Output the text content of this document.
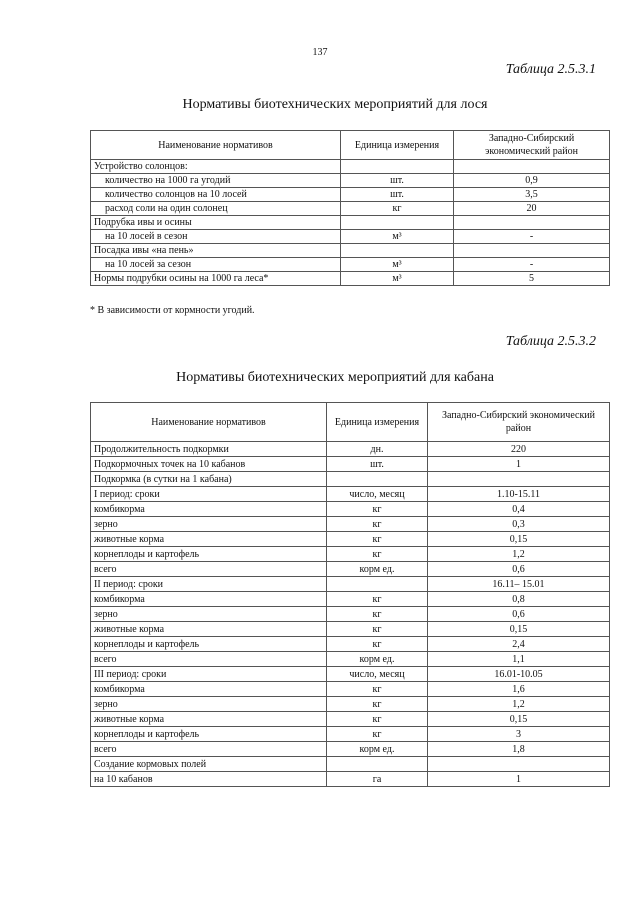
137
Таблица 2.5.3.1
Нормативы биотехнических мероприятий для лося
Наименование нормативов	Единица измерения	Западно-Сибирский экономический район
Устройство солонцов:		
количество на 1000 га угодий	шт.	0,9
количество солонцов на 10 лосей	шт.	3,5
расход соли на один солонец	кг	20
Подрубка ивы и осины		
на 10 лосей в сезон	м³	-
Посадка ивы «на пень»		
на 10 лосей за сезон	м³	-
Нормы подрубки осины на 1000 га леса*	м³	5
* В зависимости от кормности угодий.
Таблица 2.5.3.2
Нормативы биотехнических мероприятий для кабана
Наименование нормативов	Единица измерения	Западно-Сибирский экономический район
Продолжительность подкормки	дн.	220
Подкормочных точек на 10 кабанов	шт.	1
Подкормка (в сутки на 1 кабана)		
I период: сроки	число, месяц	1.10-15.11
комбикорма	кг	0,4
зерно	кг	0,3
животные корма	кг	0,15
корнеплоды и картофель	кг	1,2
всего	корм ед.	0,6
II период: сроки		16.11– 15.01
комбикорма	кг	0,8
зерно	кг	0,6
животные корма	кг	0,15
корнеплоды и картофель	кг	2,4
всего	корм ед.	1,1
III период: сроки	число, месяц	16.01-10.05
комбикорма	кг	1,6
зерно	кг	1,2
животные корма	кг	0,15
корнеплоды и картофель	кг	3
всего	корм ед.	1,8
Создание кормовых полей		
на 10 кабанов	га	1
